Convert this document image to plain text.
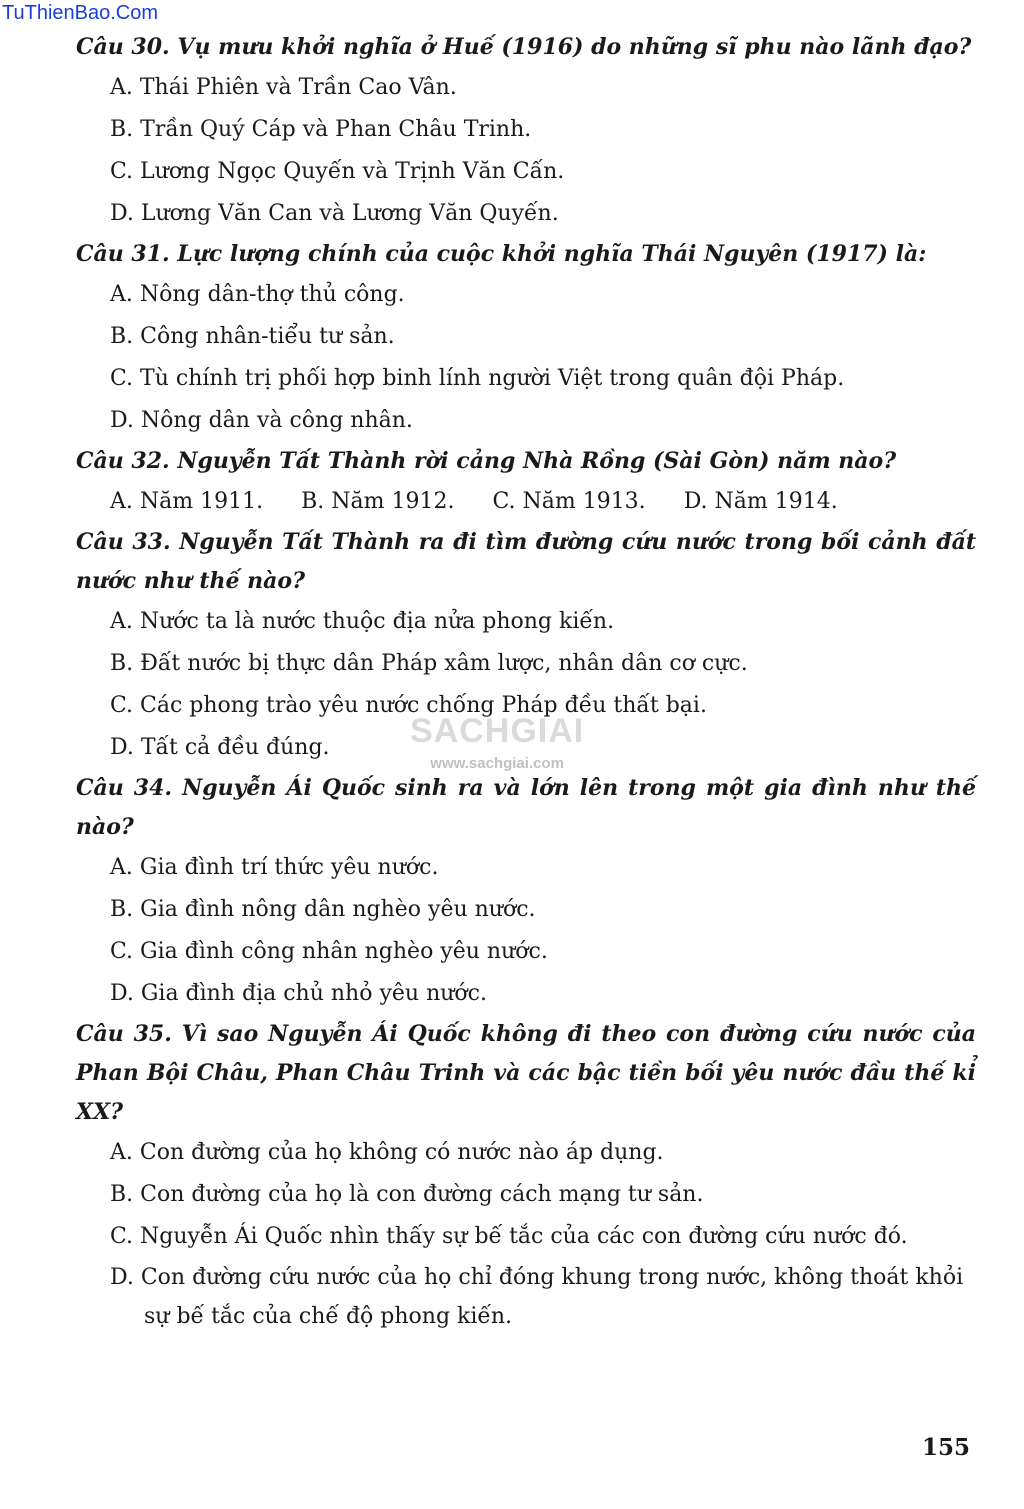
TuThienBao.Com
SACHGIAI
www.sachgiai.com

Câu 30. Vụ mưu khởi nghĩa ở Huế (1916) do những sĩ phu nào lãnh đạo?

A. Thái Phiên và Trần Cao Vân.
B. Trần Quý Cáp và Phan Châu Trinh.
C. Lương Ngọc Quyến và Trịnh Văn Cấn.
D. Lương Văn Can và Lương Văn Quyến.

Câu 31. Lực lượng chính của cuộc khởi nghĩa Thái Nguyên (1917) là:

A. Nông dân-thợ thủ công.
B. Công nhân-tiểu tư sản.
C. Tù chính trị phối hợp binh lính người Việt trong quân đội Pháp.
D. Nông dân và công nhân.

Câu 32. Nguyễn Tất Thành rời cảng Nhà Rồng (Sài Gòn) năm nào?

A. Năm 1911. B. Năm 1912. C. Năm 1913. D. Năm 1914.

Câu 33. Nguyễn Tất Thành ra đi tìm đường cứu nước trong bối cảnh đất nước như thế nào?

A. Nước ta là nước thuộc địa nửa phong kiến.
B. Đất nước bị thực dân Pháp xâm lược, nhân dân cơ cực.
C. Các phong trào yêu nước chống Pháp đều thất bại.
D. Tất cả đều đúng.

Câu 34. Nguyễn Ái Quốc sinh ra và lớn lên trong một gia đình như thế nào?

A. Gia đình trí thức yêu nước.
B. Gia đình nông dân nghèo yêu nước.
C. Gia đình công nhân nghèo yêu nước.
D. Gia đình địa chủ nhỏ yêu nước.

Câu 35. Vì sao Nguyễn Ái Quốc không đi theo con đường cứu nước của Phan Bội Châu, Phan Châu Trinh và các bậc tiền bối yêu nước đầu thế kỉ XX?

A. Con đường của họ không có nước nào áp dụng.
B. Con đường của họ là con đường cách mạng tư sản.
C. Nguyễn Ái Quốc nhìn thấy sự bế tắc của các con đường cứu nước đó.
D. Con đường cứu nước của họ chỉ đóng khung trong nước, không thoát khỏi sự bế tắc của chế độ phong kiến.
155
